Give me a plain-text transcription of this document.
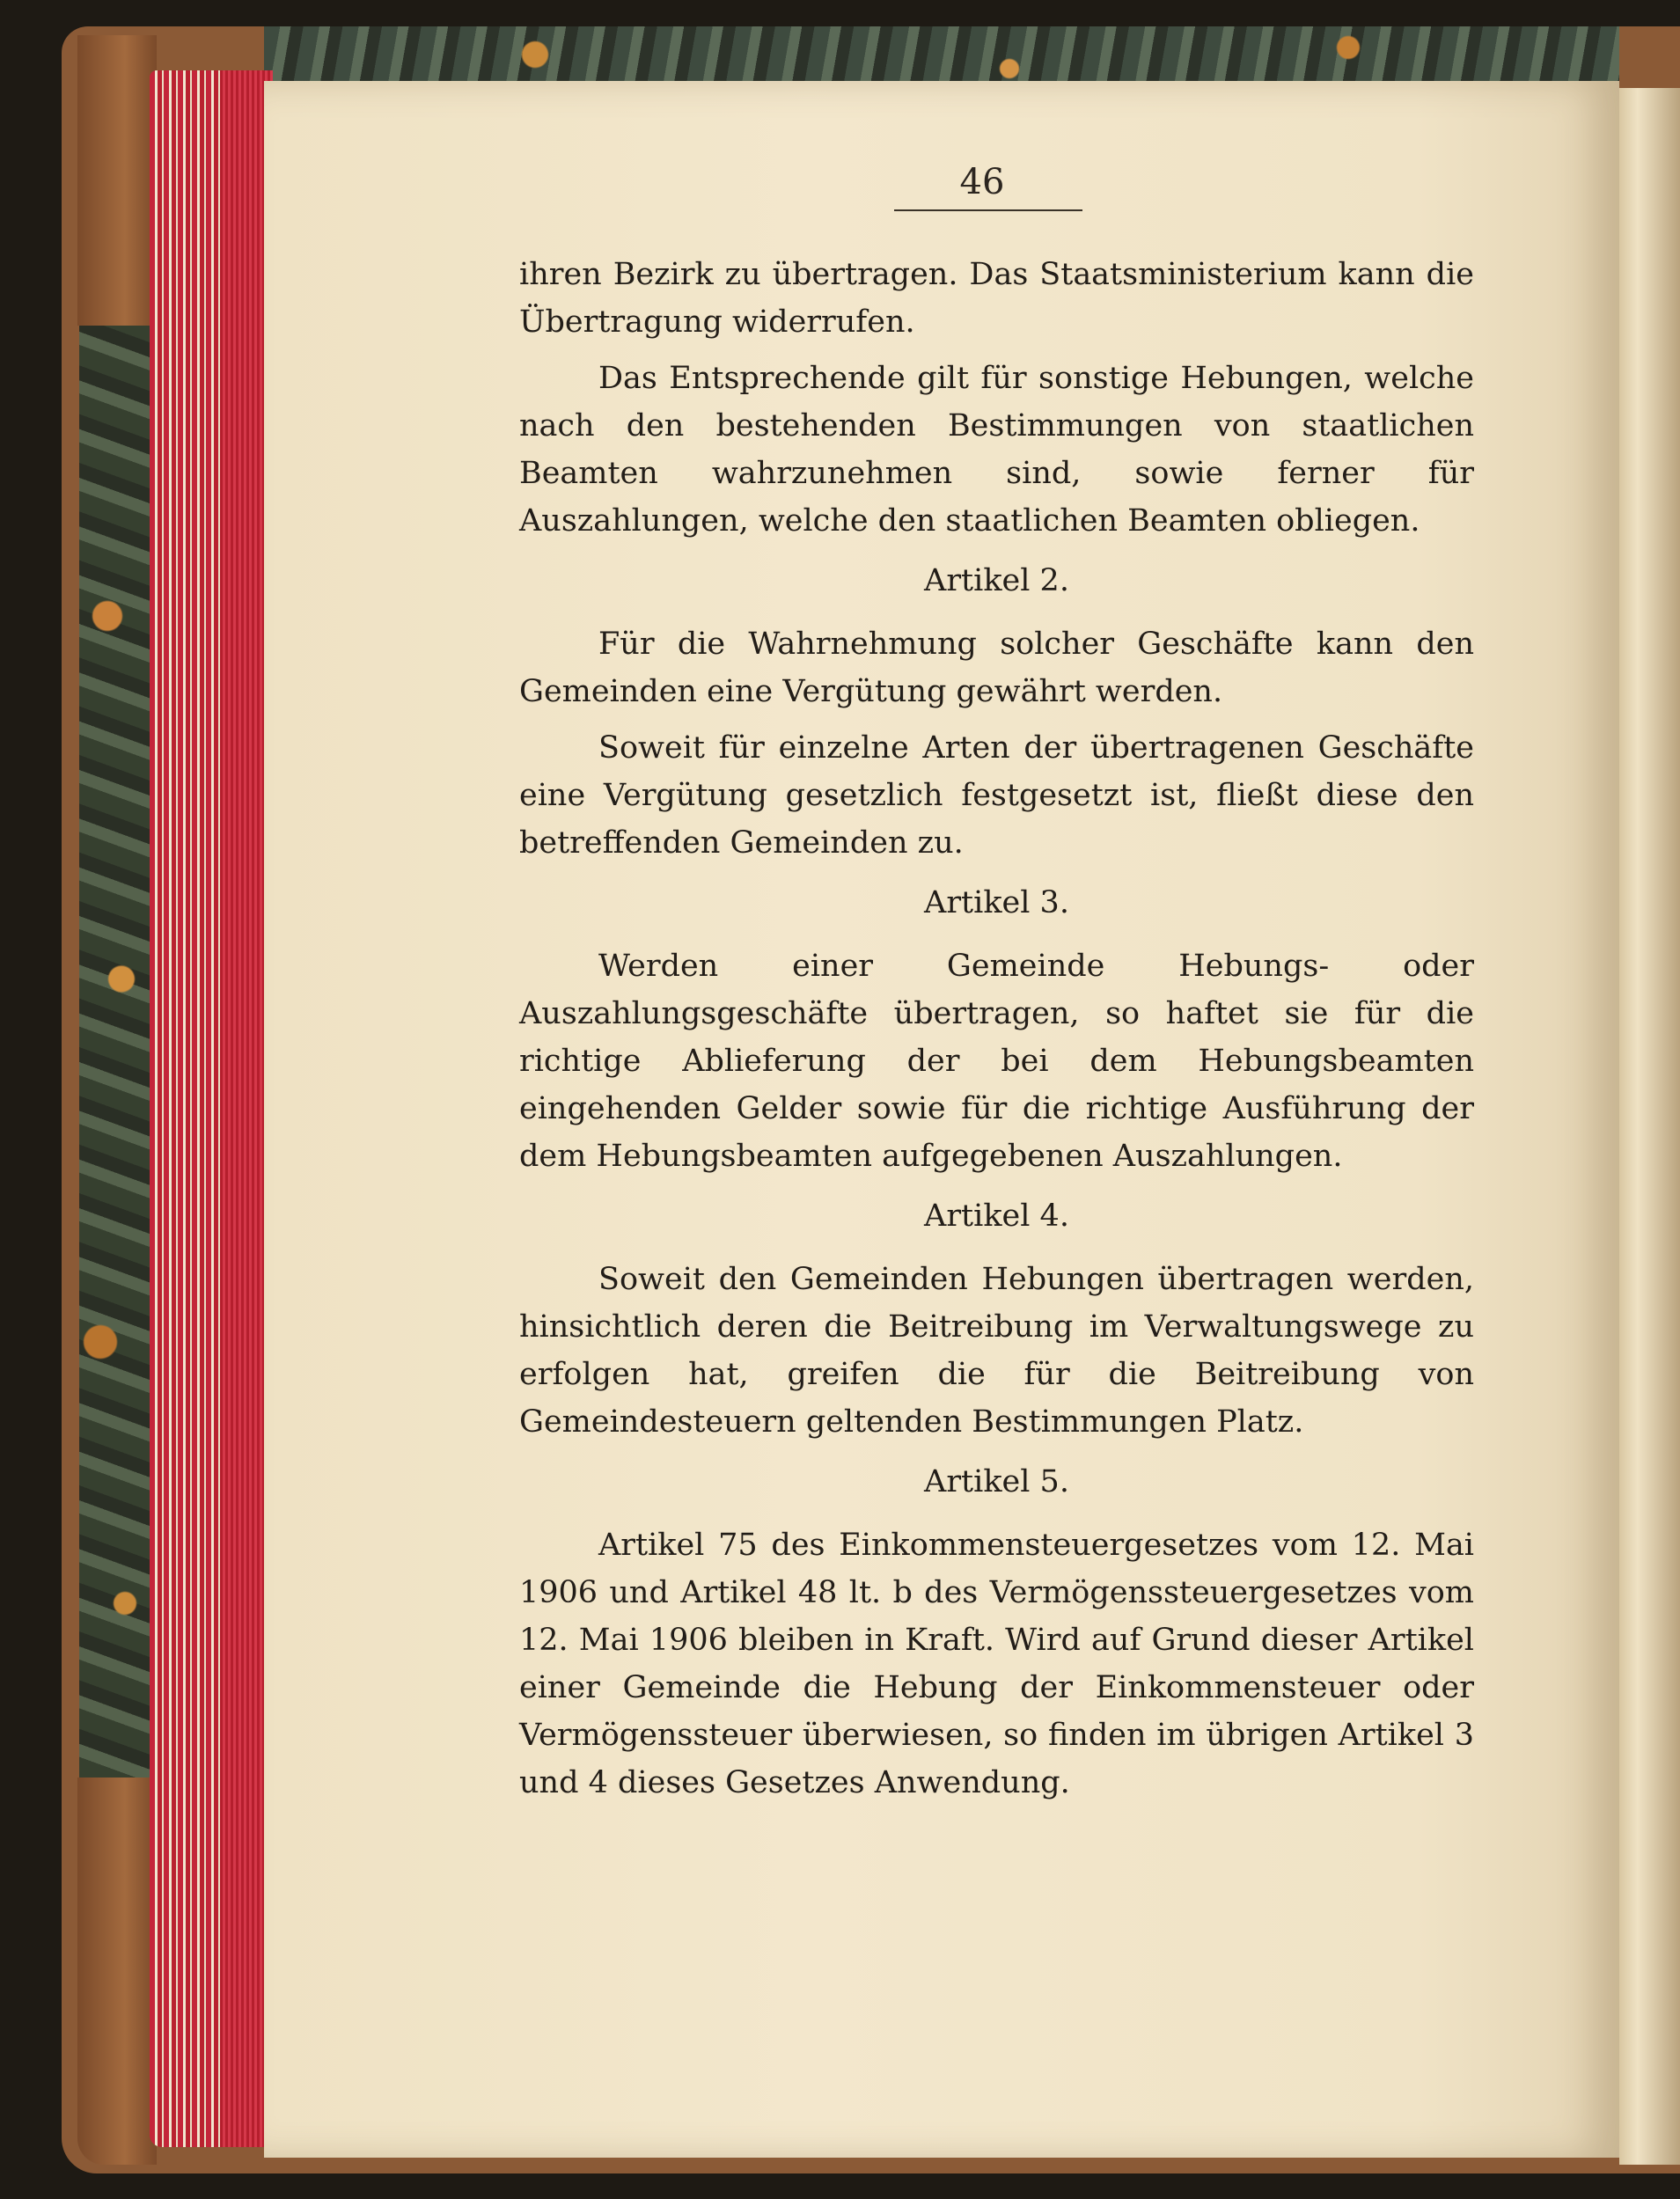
46

ihren Bezirk zu übertragen. Das Staatsministerium kann die Übertragung widerrufen.

Das Entsprechende gilt für sonstige Hebungen, welche nach den bestehenden Bestimmungen von staatlichen Beamten wahrzunehmen sind, sowie ferner für Auszahlungen, welche den staatlichen Beamten obliegen.

Artikel 2.

Für die Wahrnehmung solcher Geschäfte kann den Gemeinden eine Vergütung gewährt werden.

Soweit für einzelne Arten der übertragenen Geschäfte eine Vergütung gesetzlich festgesetzt ist, fließt diese den betreffenden Gemeinden zu.

Artikel 3.

Werden einer Gemeinde Hebungs- oder Auszahlungsgeschäfte übertragen, so haftet sie für die richtige Ablieferung der bei dem Hebungsbeamten eingehenden Gelder sowie für die richtige Ausführung der dem Hebungsbeamten aufgegebenen Auszahlungen.

Artikel 4.

Soweit den Gemeinden Hebungen übertragen werden, hinsichtlich deren die Beitreibung im Verwaltungswege zu erfolgen hat, greifen die für die Beitreibung von Gemeindesteuern geltenden Bestimmungen Platz.

Artikel 5.

Artikel 75 des Einkommensteuergesetzes vom 12. Mai 1906 und Artikel 48 lt. b des Vermögenssteuergesetzes vom 12. Mai 1906 bleiben in Kraft. Wird auf Grund dieser Artikel einer Gemeinde die Hebung der Einkommensteuer oder Vermögenssteuer überwiesen, so finden im übrigen Artikel 3 und 4 dieses Gesetzes Anwendung.
